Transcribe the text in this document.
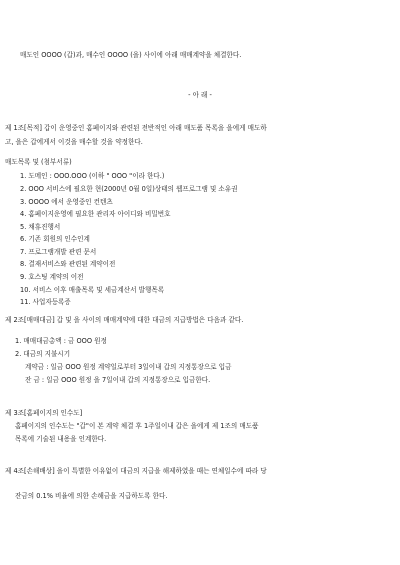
매도인 OOOO (갑)과, 매수인 OOOO (을) 사이에 아래 매매계약을 체결한다.
- 아 래 -
제 1조[목적] 갑이 운영중인 홈페이지와 관련된 전반적인 아래 매도품 목록을 을에게 매도하
고, 을은 갑에게서 이것을 매수할 것을 약정한다.
매도목록 및 (첨부서류)
1. 도메인 : OOO.OOO (이하 " OOO "이라 한다.)
2. OOO 서비스에 필요한 현(2000년 0월 0일)상태의 웹프로그램 및 소유권
3. OOOO 에서 운영중인 컨텐츠
4. 홈페이지운영에 필요한 관리자 아이디와 비밀번호
5. 채휴진행서
6. 기존 회원의 인수인계
7. 프로그램개발 관련 문서
8. 결재서비스와 관련된 계약이전
9. 호스팅 계약의 이전
10. 서비스 이후 매출목록 및 세금계산서 발행목록
11. 사업자등록증
제 2조[매매대금] 갑 및 을 사이의 매매계약에 대한 대금의 지급방법은 다음과 같다.
1. 매매대금총액 : 금 OOO 원정
2. 대금의 지불시기
계약금 : 일금 OOO 원정 계약일로부터 3일이내 갑의 지정통장으로 입금
잔 금 : 일금 OOO 원정 을 7일이내 갑의 지정통장으로 입금한다.
제 3조[홈페이지의 인수도]
홈페이지의 인수도는 "갑"이 본 계약 체결 후 1주일이내 갑은 을에게 제 1조의 매도품
목록에 기술된 내용을 인계한다.
제 4조[손해배상] 을이 특별한 이유없이 대금의 지급을 해제하였을 때는 연체일수에 따라 당
잔금의 0.1% 비율에 의한 손해금을 지급하도록 한다.
